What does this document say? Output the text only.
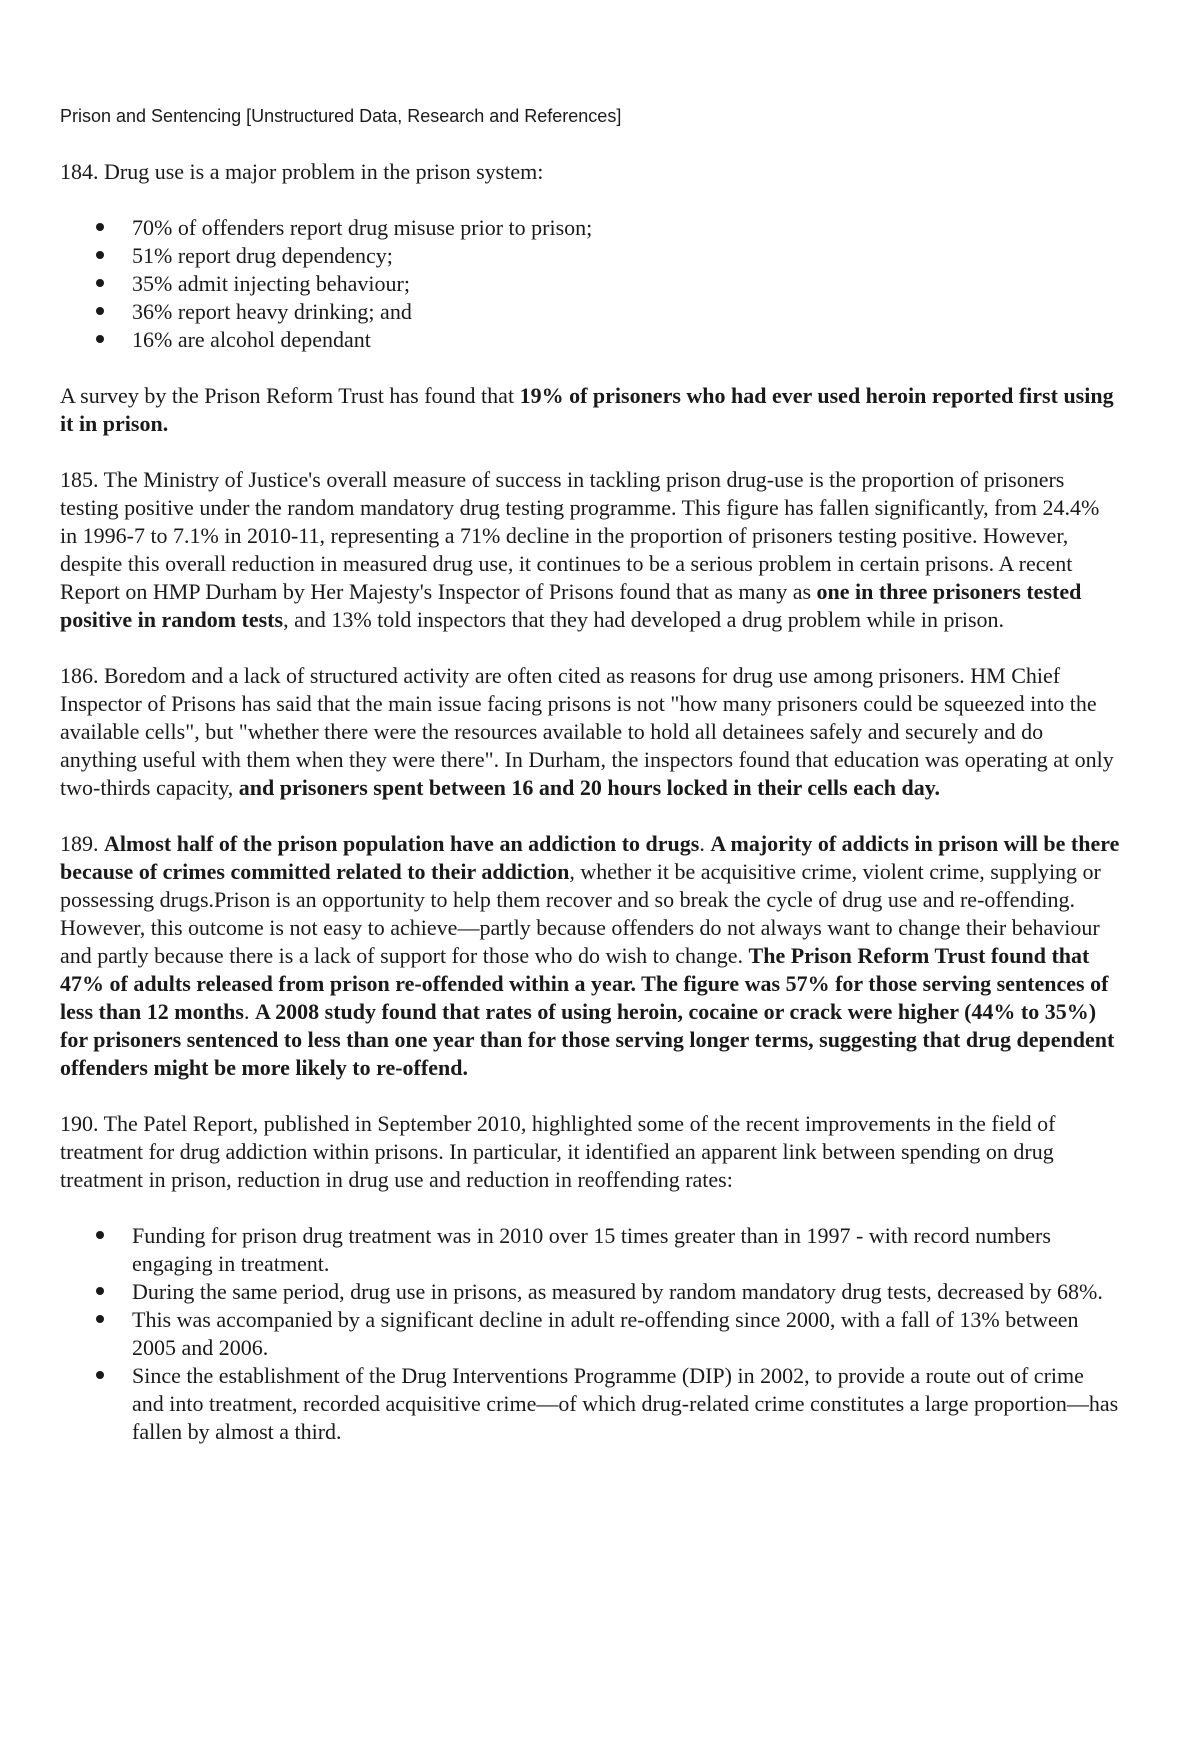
Prison and Sentencing [Unstructured Data, Research and References]

184. Drug use is a major problem in the prison system:

70% of offenders report drug misuse prior to prison;
51% report drug dependency;
35% admit injecting behaviour;
36% report heavy drinking; and
16% are alcohol dependant

A survey by the Prison Reform Trust has found that 19% of prisoners who had ever used heroin reported first using it in prison.

185. The Ministry of Justice's overall measure of success in tackling prison drug-use is the proportion of prisoners testing positive under the random mandatory drug testing programme. This figure has fallen significantly, from 24.4% in 1996-7 to 7.1% in 2010-11, representing a 71% decline in the proportion of prisoners testing positive. However, despite this overall reduction in measured drug use, it continues to be a serious problem in certain prisons. A recent Report on HMP Durham by Her Majesty's Inspector of Prisons found that as many as one in three prisoners tested positive in random tests, and 13% told inspectors that they had developed a drug problem while in prison.

186. Boredom and a lack of structured activity are often cited as reasons for drug use among prisoners. HM Chief Inspector of Prisons has said that the main issue facing prisons is not "how many prisoners could be squeezed into the available cells", but "whether there were the resources available to hold all detainees safely and securely and do anything useful with them when they were there". In Durham, the inspectors found that education was operating at only two-thirds capacity, and prisoners spent between 16 and 20 hours locked in their cells each day.

189. Almost half of the prison population have an addiction to drugs. A majority of addicts in prison will be there because of crimes committed related to their addiction, whether it be acquisitive crime, violent crime, supplying or possessing drugs.Prison is an opportunity to help them recover and so break the cycle of drug use and re-offending. However, this outcome is not easy to achieve—partly because offenders do not always want to change their behaviour and partly because there is a lack of support for those who do wish to change. The Prison Reform Trust found that 47% of adults released from prison re-offended within a year. The figure was 57% for those serving sentences of less than 12 months. A 2008 study found that rates of using heroin, cocaine or crack were higher (44% to 35%) for prisoners sentenced to less than one year than for those serving longer terms, suggesting that drug dependent offenders might be more likely to re-offend.

190. The Patel Report, published in September 2010, highlighted some of the recent improvements in the field of treatment for drug addiction within prisons. In particular, it identified an apparent link between spending on drug treatment in prison, reduction in drug use and reduction in reoffending rates:

Funding for prison drug treatment was in 2010 over 15 times greater than in 1997 - with record numbers engaging in treatment.
During the same period, drug use in prisons, as measured by random mandatory drug tests, decreased by 68%.
This was accompanied by a significant decline in adult re-offending since 2000, with a fall of 13% between 2005 and 2006.
Since the establishment of the Drug Interventions Programme (DIP) in 2002, to provide a route out of crime and into treatment, recorded acquisitive crime—of which drug-related crime constitutes a large proportion—has fallen by almost a third.
